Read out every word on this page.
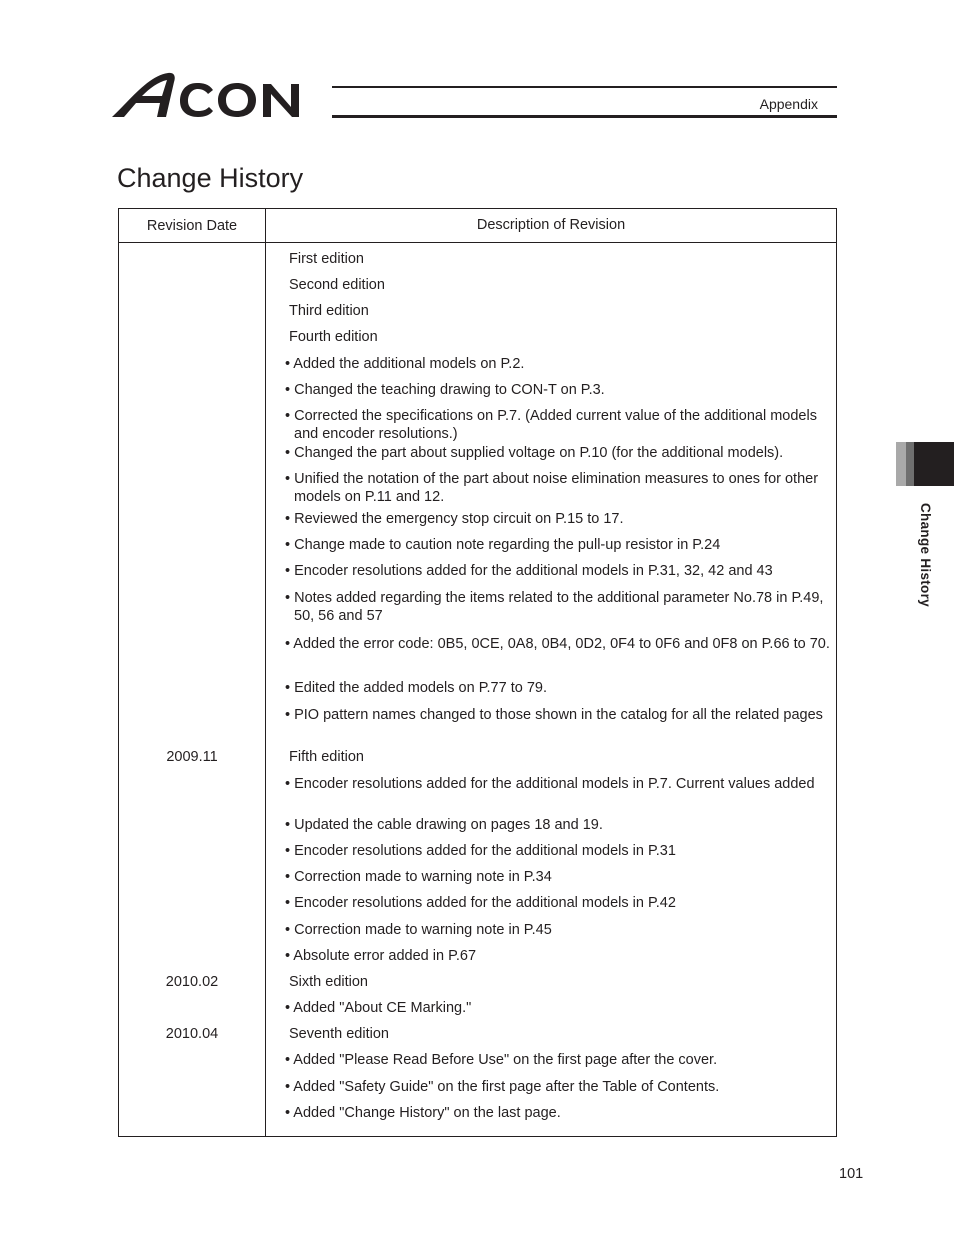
Appendix
Change History
Revision Date	Description of Revision
First edition
Second edition
Third edition
Fourth edition
• Added the additional models on P.2.
• Changed the teaching drawing to CON-T on P.3.
• Corrected the specifications on P.7. (Added current value of the additional models and encoder resolutions.)
• Changed the part about supplied voltage on P.10 (for the additional models).
• Unified the notation of the part about noise elimination measures to ones for other models on P.11 and 12.
• Reviewed the emergency stop circuit on P.15 to 17.
• Change made to caution note regarding the pull-up resistor in P.24
• Encoder resolutions added for the additional models in P.31, 32, 42 and 43
• Notes added regarding the items related to the additional parameter No.78 in P.49, 50, 56 and 57
• Added the error code: 0B5, 0CE, 0A8, 0B4, 0D2, 0F4 to 0F6 and 0F8 on P.66 to 70.
• Edited the added models on P.77 to 79.
• PIO pattern names changed to those shown in the catalog for all the related pages
2009.11	Fifth edition
• Encoder resolutions added for the additional models in P.7. Current values added
• Updated the cable drawing on pages 18 and 19.
• Encoder resolutions added for the additional models in P.31
• Correction made to warning note in P.34
• Encoder resolutions added for the additional models in P.42
• Correction made to warning note in P.45
• Absolute error added in P.67
2010.02	Sixth edition
• Added "About CE Marking."
2010.04	Seventh edition
• Added "Please Read Before Use" on the first page after the cover.
• Added "Safety Guide" on the first page after the Table of Contents.
• Added "Change History" on the last page.
Change History
101
